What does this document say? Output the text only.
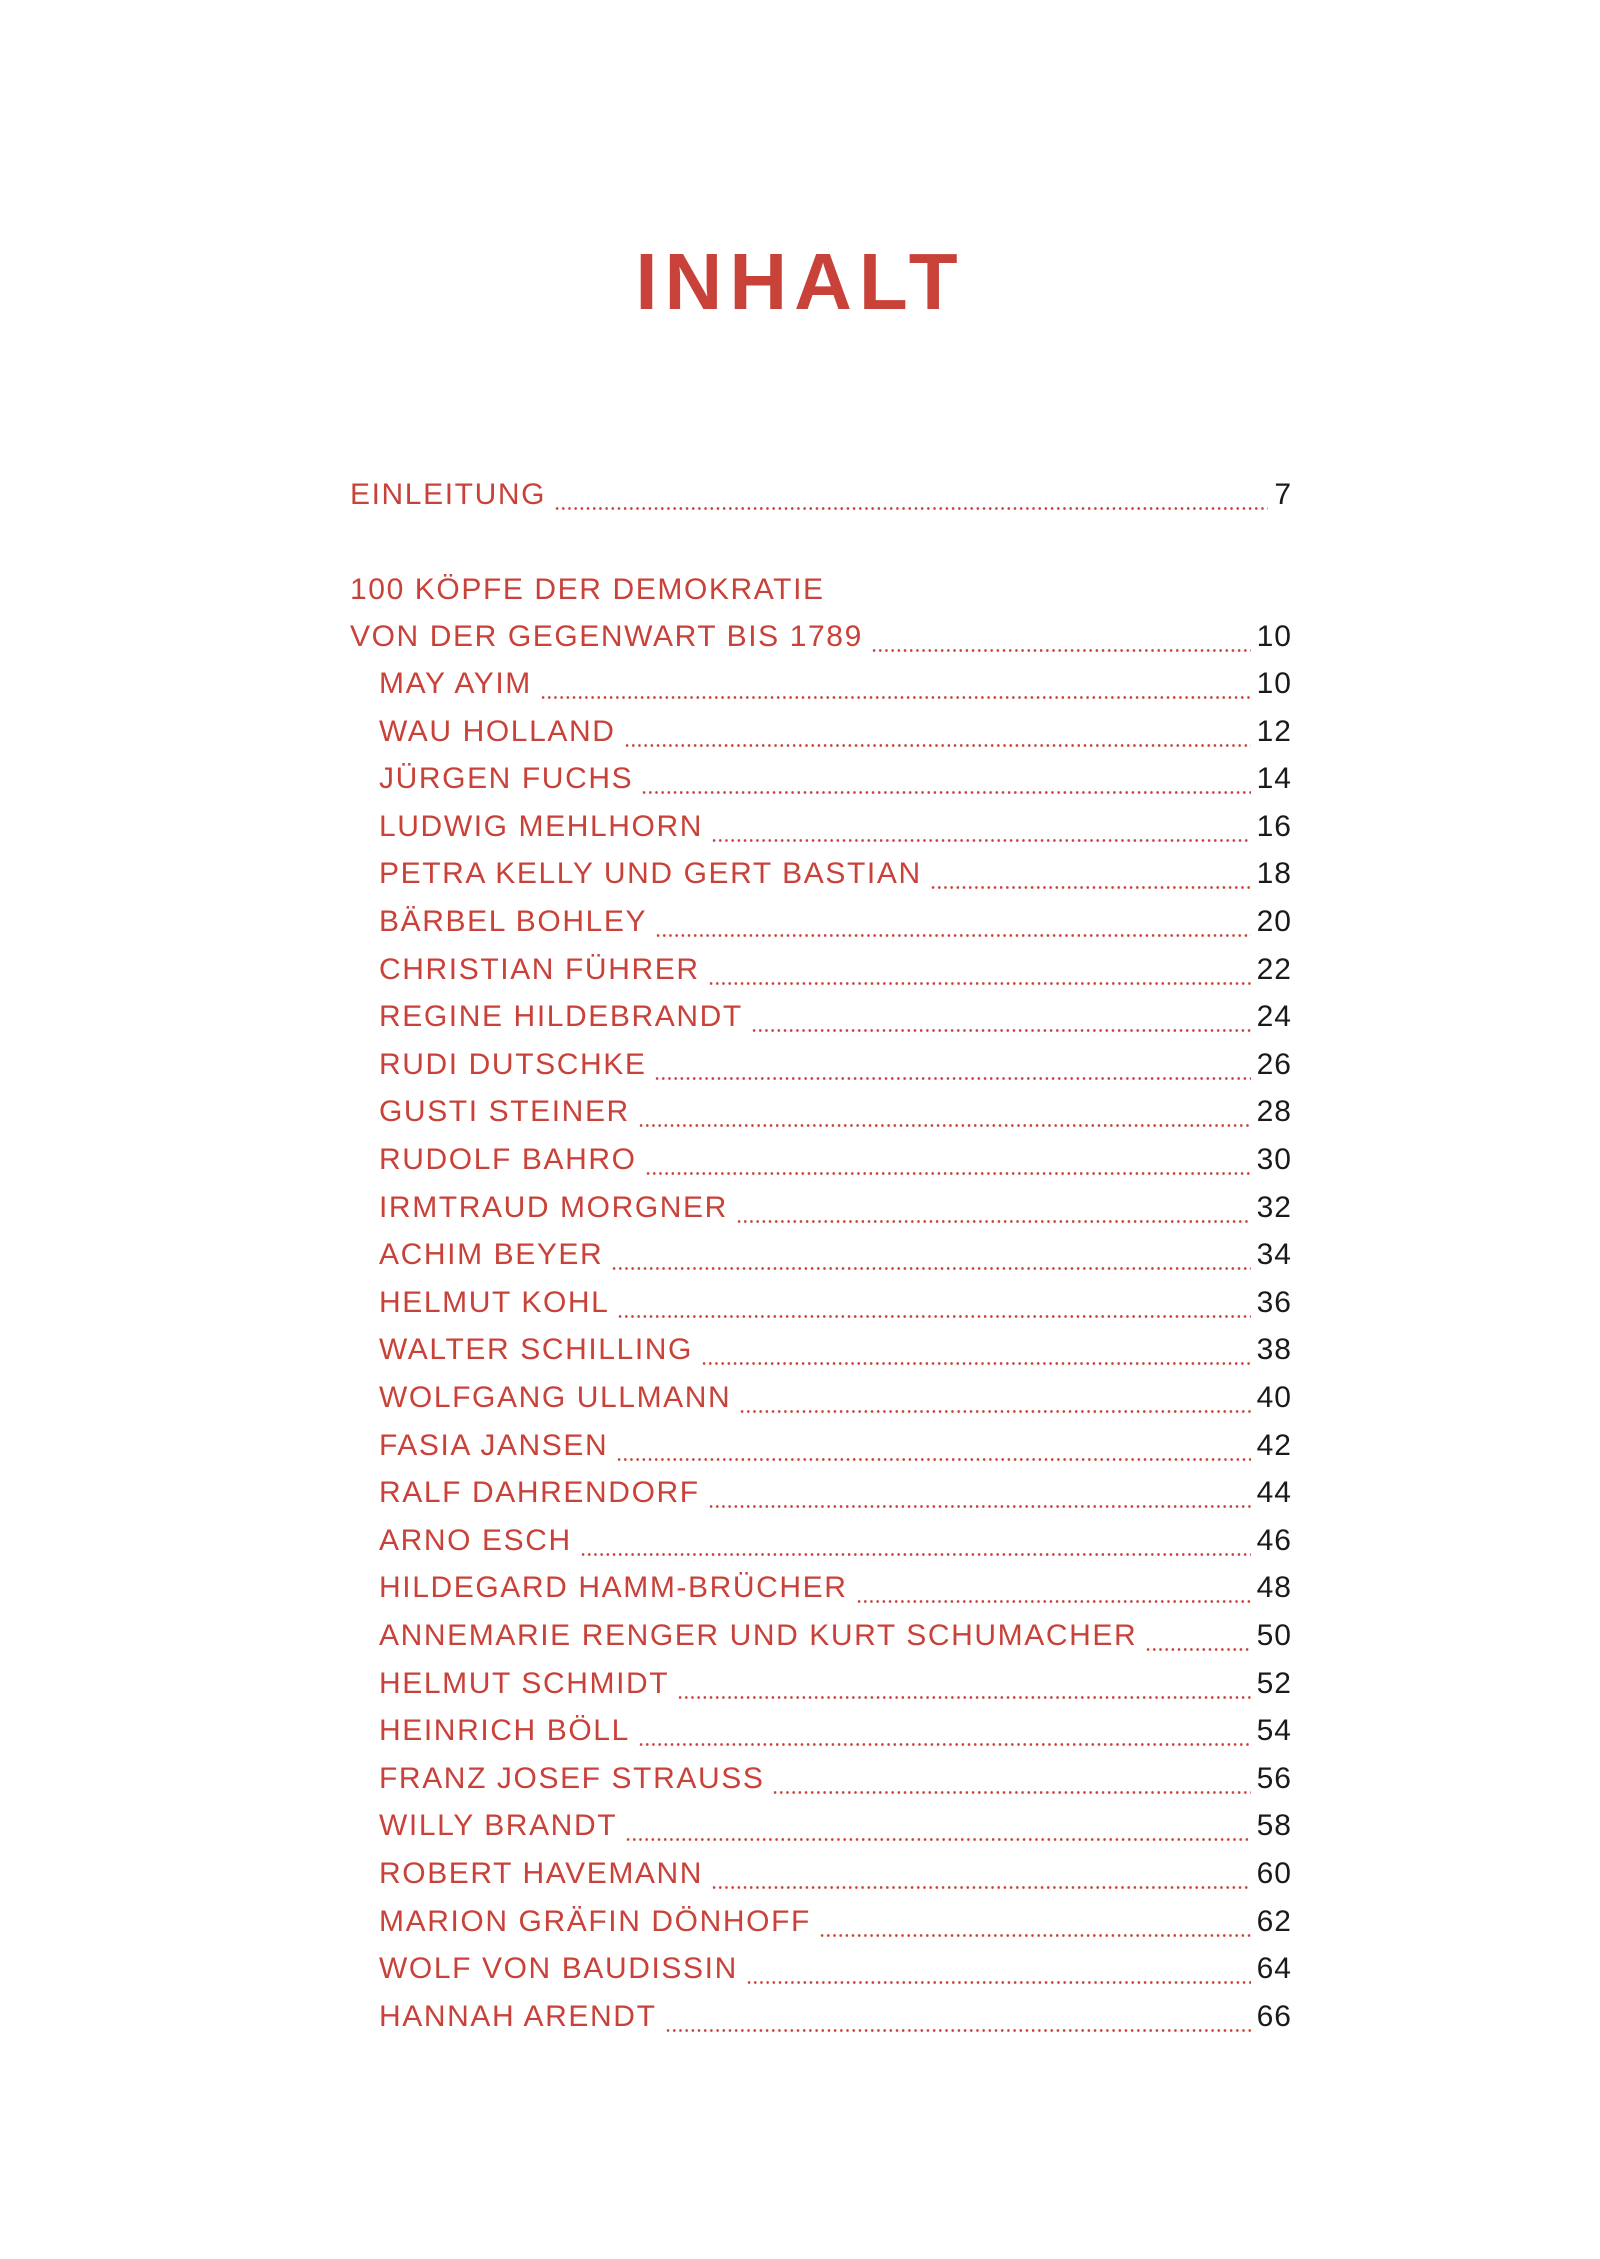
INHALT
EINLEITUNG	7
100 KÖPFE DER DEMOKRATIE
VON DER GEGENWART BIS 1789	10
MAY AYIM	10
WAU HOLLAND	12
JÜRGEN FUCHS	14
LUDWIG MEHLHORN	16
PETRA KELLY UND GERT BASTIAN	18
BÄRBEL BOHLEY	20
CHRISTIAN FÜHRER	22
REGINE HILDEBRANDT	24
RUDI DUTSCHKE	26
GUSTI STEINER	28
RUDOLF BAHRO	30
IRMTRAUD MORGNER	32
ACHIM BEYER	34
HELMUT KOHL	36
WALTER SCHILLING	38
WOLFGANG ULLMANN	40
FASIA JANSEN	42
RALF DAHRENDORF	44
ARNO ESCH	46
HILDEGARD HAMM-BRÜCHER	48
ANNEMARIE RENGER UND KURT SCHUMACHER	50
HELMUT SCHMIDT	52
HEINRICH BÖLL	54
FRANZ JOSEF STRAUSS	56
WILLY BRANDT	58
ROBERT HAVEMANN	60
MARION GRÄFIN DÖNHOFF	62
WOLF VON BAUDISSIN	64
HANNAH ARENDT	66
